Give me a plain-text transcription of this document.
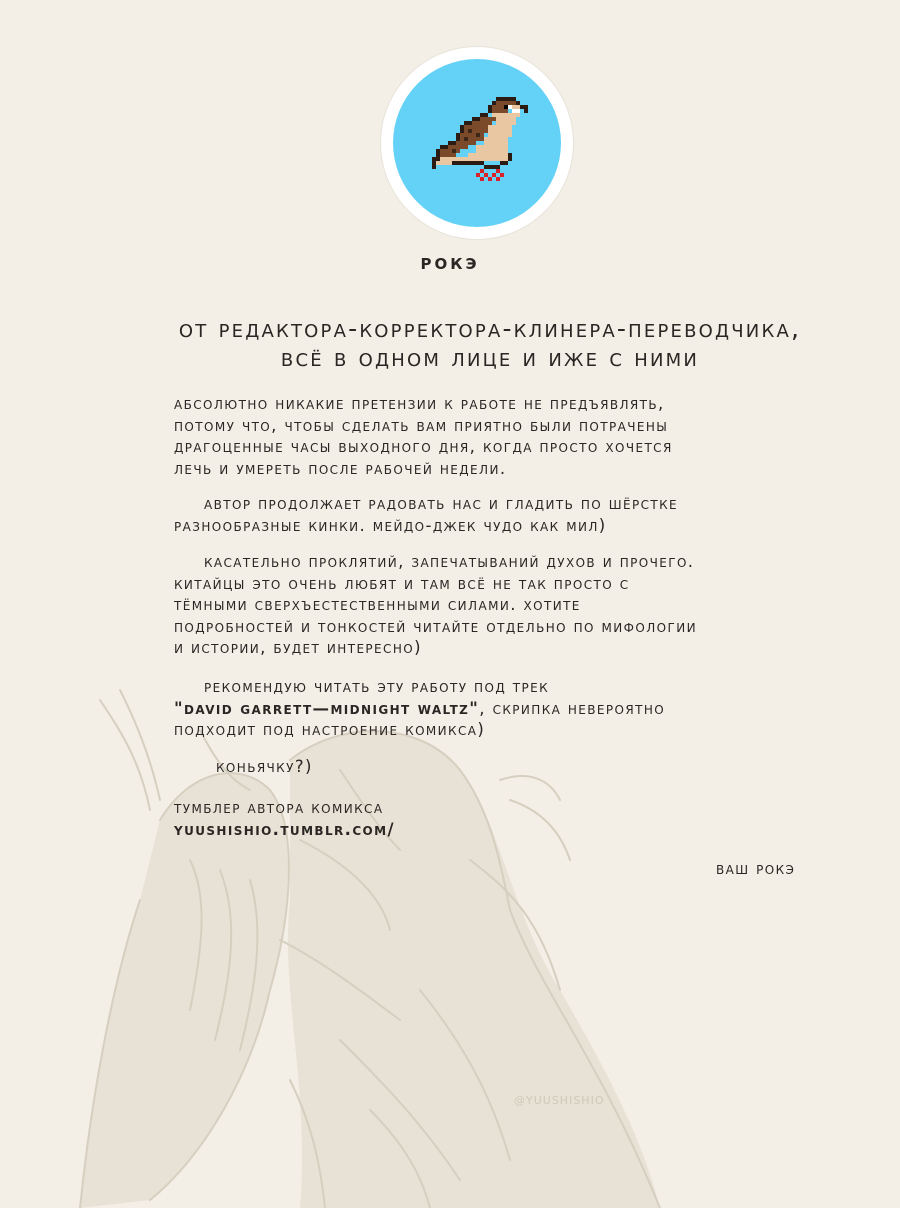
@YUUSHISHIO
рокэ
от редактора-корректора-клинера-переводчика,
всё в одном лице и иже с ними
абсолютно никакие претензии к работе не предъявлять,
потому что, чтобы сделать вам приятно были потрачены
драгоценные часы выходного дня, когда просто хочется
лечь и умереть после рабочей недели.
автор продолжает радовать нас и гладить по шёрстке
разнообразные кинки. мейдо-джек чудо как мил)
касательно проклятий, запечатываний духов и прочего.
китайцы это очень любят и там всё не так просто с
тёмными сверхъестественными силами. хотите
подробностей и тонкостей читайте отдельно по мифологии
и истории, будет интересно)
рекомендую читать эту работу под трек
"david garrett—midnight waltz", скрипка невероятно
подходит под настроение комикса)
коньячку?)
тумблер автора комикса
yuushishio.tumblr.com/
ваш рокэ
